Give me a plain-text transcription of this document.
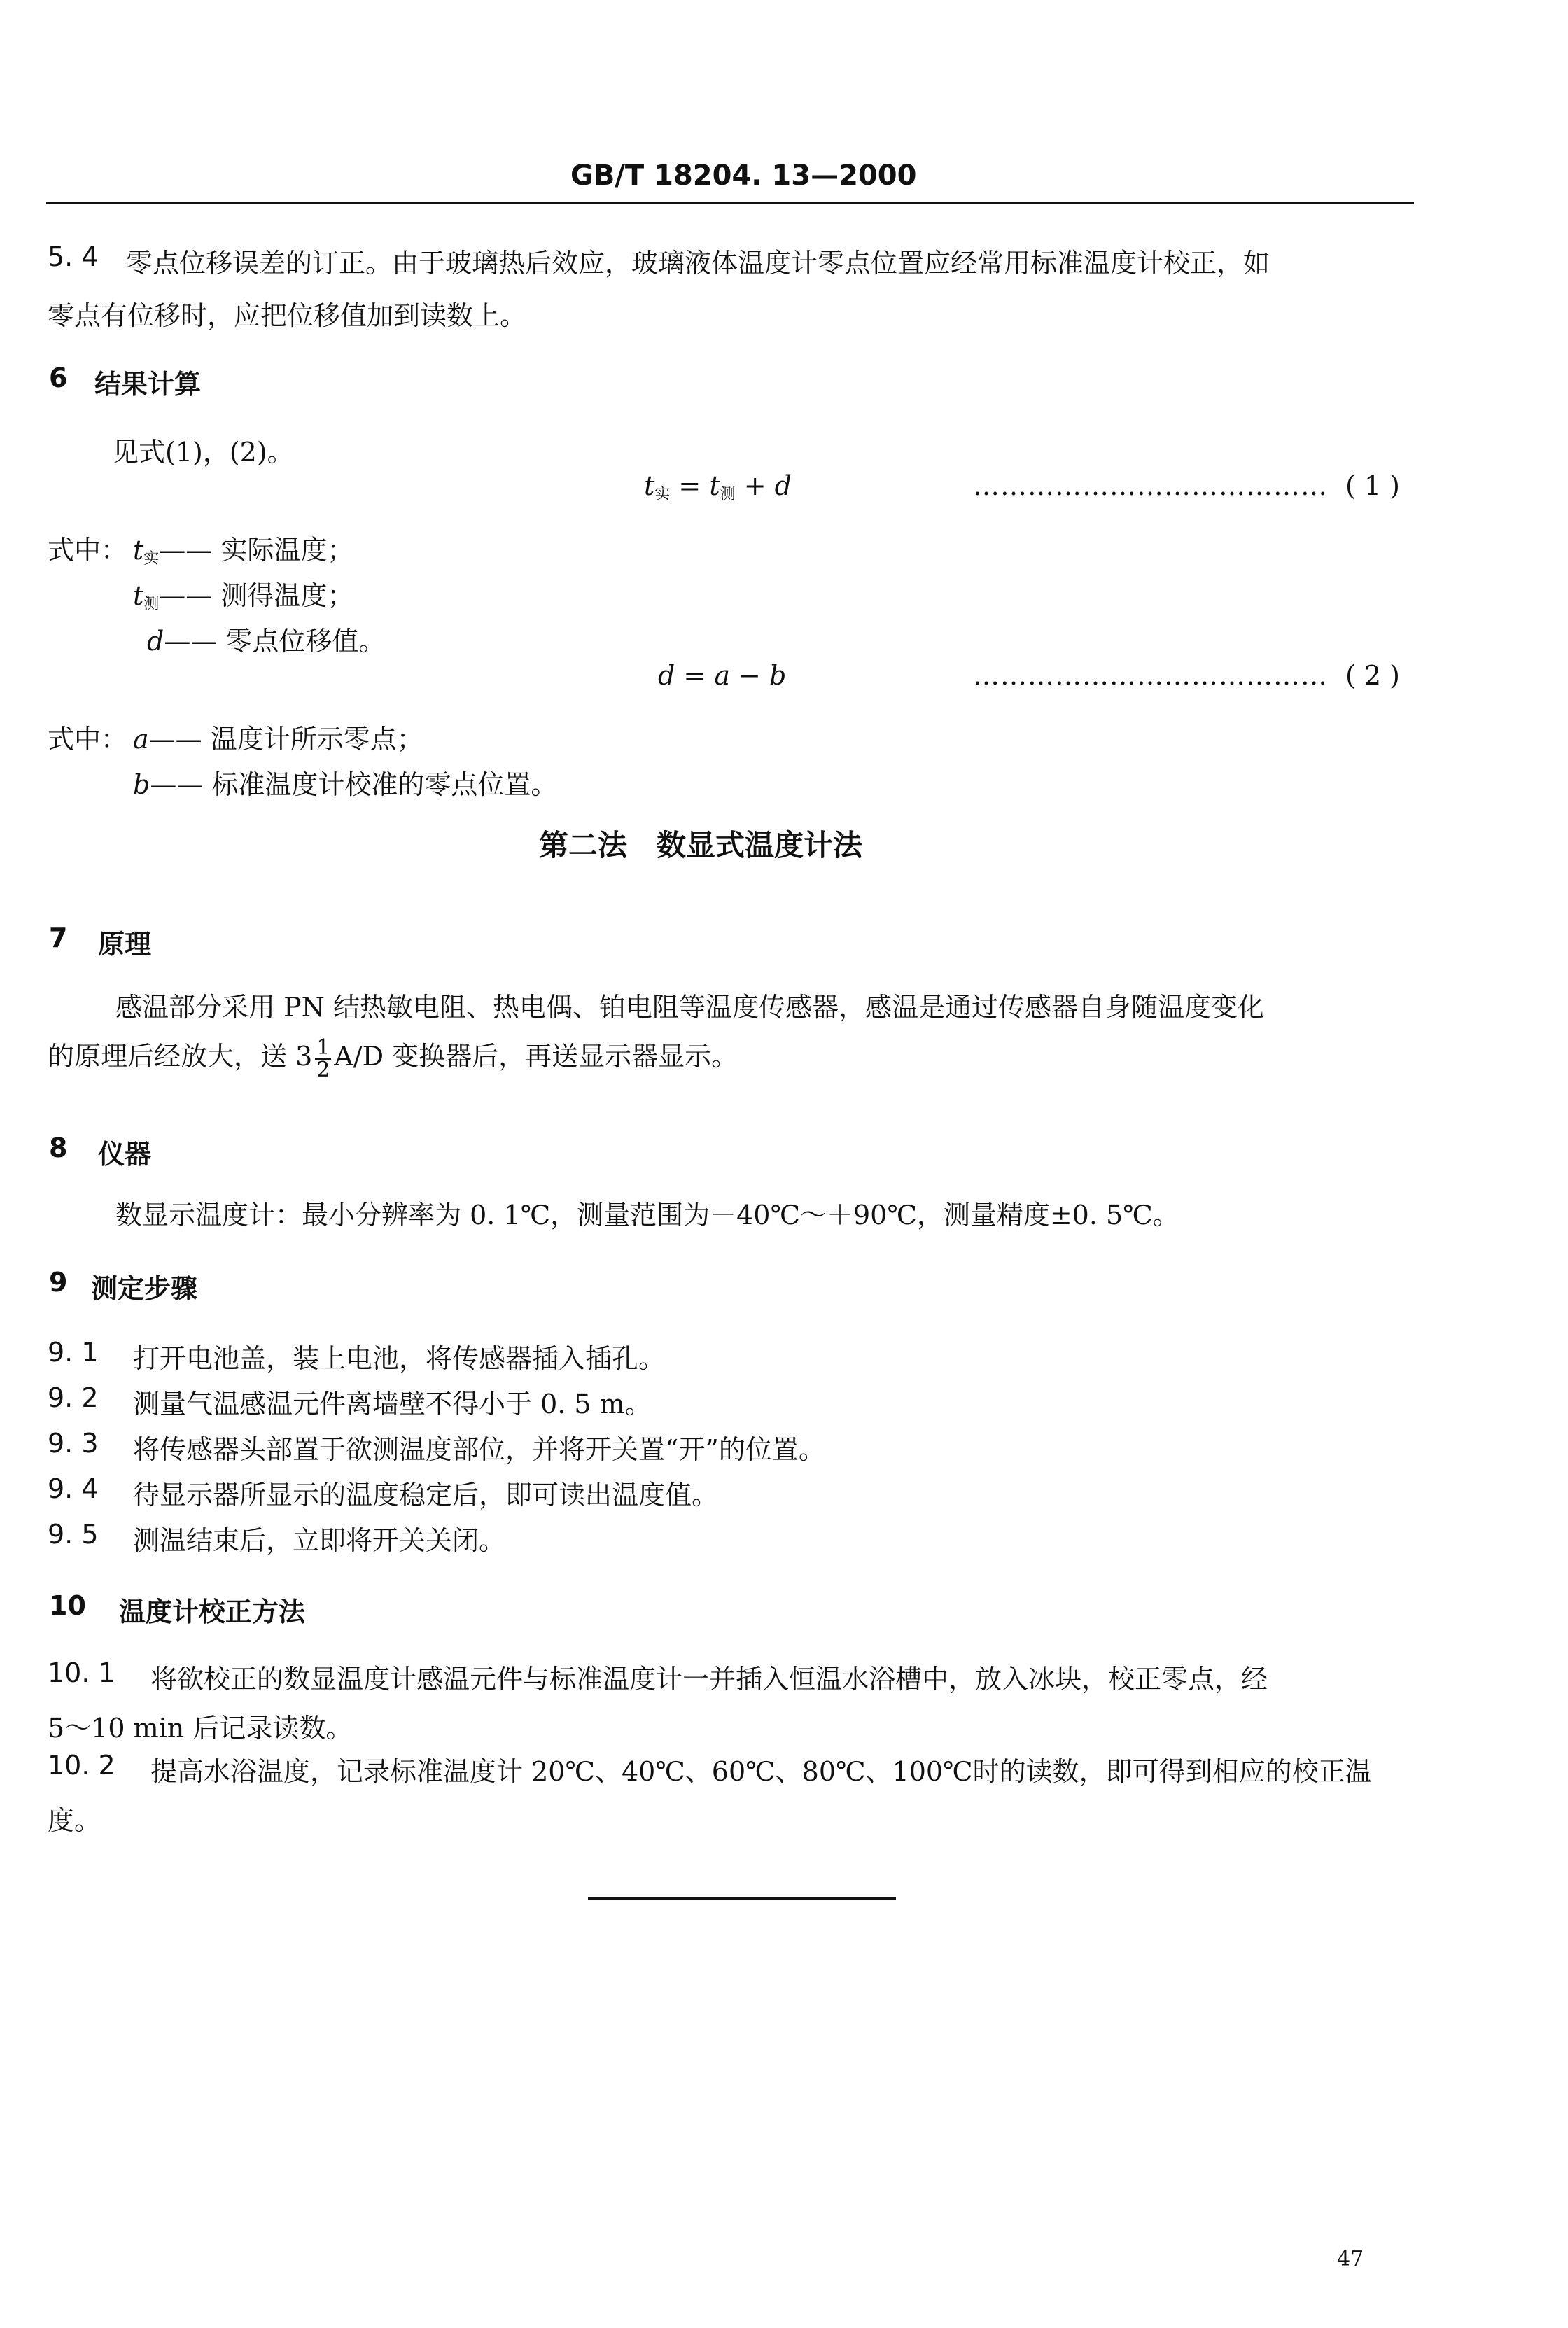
GB/T 18204. 13—2000
5. 4 零点位移误差的订正。由于玻璃热后效应，玻璃液体温度计零点位置应经常用标准温度计校正，如
零点有位移时，应把位移值加到读数上。
6 结果计算
见式(1)，(2)。
$t_实 = t_测 + d$	………………………………… ( 1 )
式中： $t_实——$ 实际温度；
$t_测——$ 测得温度；
d—— 零点位移值。
d = a − b	………………………………… ( 2 )
式中： a—— 温度计所示零点；
b—— 标准温度计校准的零点位置。
第二法　数显式温度计法
7 原理
感温部分采用 PN 结热敏电阻、热电偶、铂电阻等温度传感器，感温是通过传感器自身随温度变化
的原理后经放大，送 $3 \frac{1}{2} A/D$ 变换器后，再送显示器显示。
8 仪器
数显示温度计：最小分辨率为 0. 1℃，测量范围为－40℃～＋90℃，测量精度±0. 5℃。
9 测定步骤
9. 1 打开电池盖，装上电池，将传感器插入插孔。
9. 2 测量气温感温元件离墙壁不得小于 0. 5 m。
9. 3 将传感器头部置于欲测温度部位，并将开关置“开”的位置。
9. 4 待显示器所显示的温度稳定后，即可读出温度值。
9. 5 测温结束后，立即将开关关闭。
10 温度计校正方法
10. 1 将欲校正的数显温度计感温元件与标准温度计一并插入恒温水浴槽中，放入冰块，校正零点，经
5～10 min 后记录读数。
10. 2 提高水浴温度，记录标准温度计 20℃、40℃、60℃、80℃、100℃时的读数，即可得到相应的校正温
度。
47
